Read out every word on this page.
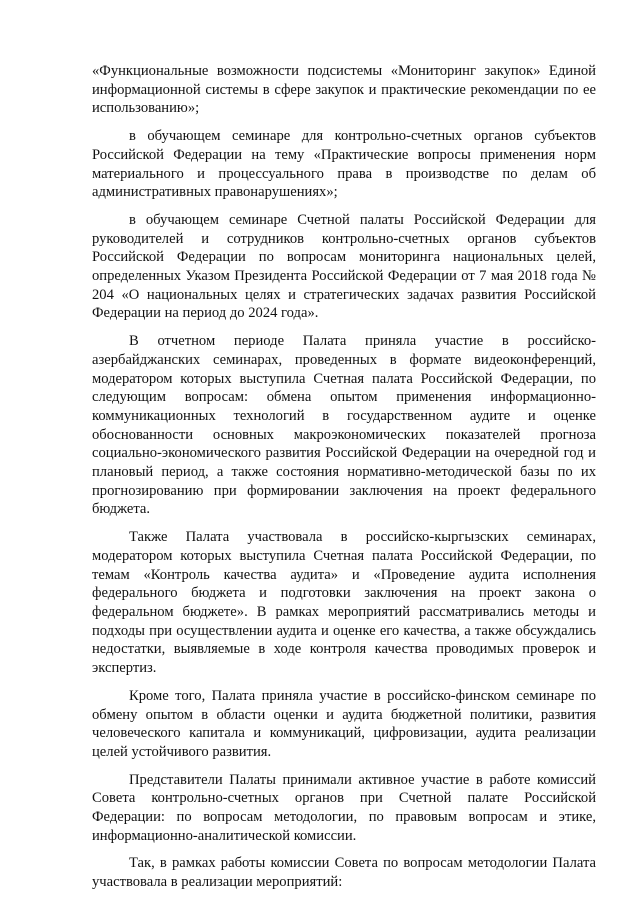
«Функциональные возможности подсистемы «Мониторинг закупок» Единой информационной системы в сфере закупок и практические рекомендации по ее использованию»;

в обучающем семинаре для контрольно-счетных органов субъектов Российской Федерации на тему «Практические вопросы применения норм материального и процессуального права в производстве по делам об административных правонарушениях»;

в обучающем семинаре Счетной палаты Российской Федерации для руководителей и сотрудников контрольно-счетных органов субъектов Российской Федерации по вопросам мониторинга национальных целей, определенных Указом Президента Российской Федерации от 7 мая 2018 года № 204 «О национальных целях и стратегических задачах развития Российской Федерации на период до 2024 года».

В отчетном периоде Палата приняла участие в российско-азербайджанских семинарах, проведенных в формате видеоконференций, модератором которых выступила Счетная палата Российской Федерации, по следующим вопросам: обмена опытом применения информационно-коммуникационных технологий в государственном аудите и оценке обоснованности основных макроэкономических показателей прогноза социально-экономического развития Российской Федерации на очередной год и плановый период, а также состояния нормативно-методической базы по их прогнозированию при формировании заключения на проект федерального бюджета.

Также Палата участвовала в российско-кыргызских семинарах, модератором которых выступила Счетная палата Российской Федерации, по темам «Контроль качества аудита» и «Проведение аудита исполнения федерального бюджета и подготовки заключения на проект закона о федеральном бюджете». В рамках мероприятий рассматривались методы и подходы при осуществлении аудита и оценке его качества, а также обсуждались недостатки, выявляемые в ходе контроля качества проводимых проверок и экспертиз.

Кроме того, Палата приняла участие в российско-финском семинаре по обмену опытом в области оценки и аудита бюджетной политики, развития человеческого капитала и коммуникаций, цифровизации, аудита реализации целей устойчивого развития.

Представители Палаты принимали активное участие в работе комиссий Совета контрольно-счетных органов при Счетной палате Российской Федерации: по вопросам методологии, по правовым вопросам и этике, информационно-аналитической комиссии.

Так, в рамках работы комиссии Совета по вопросам методологии Палата участвовала в реализации мероприятий:
